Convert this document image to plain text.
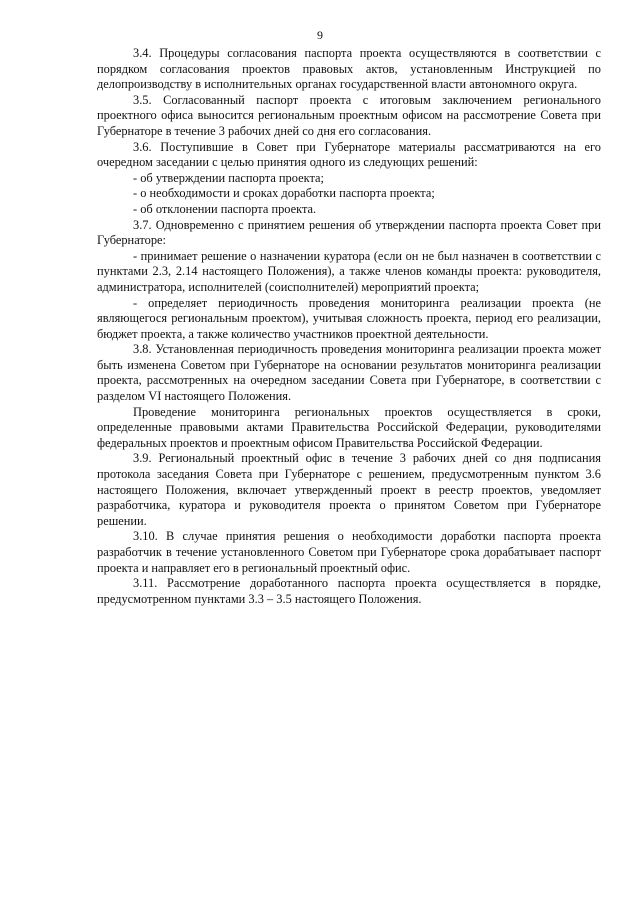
9

3.4. Процедуры согласования паспорта проекта осуществляются в соответствии с порядком согласования проектов правовых актов, установленным Инструкцией по делопроизводству в исполнительных органах государственной власти автономного округа.

3.5. Согласованный паспорт проекта с итоговым заключением регионального проектного офиса выносится региональным проектным офисом на рассмотрение Совета при Губернаторе в течение 3 рабочих дней со дня его согласования.

3.6. Поступившие в Совет при Губернаторе материалы рассматриваются на его очередном заседании с целью принятия одного из следующих решений:

- об утверждении паспорта проекта;

- о необходимости и сроках доработки паспорта проекта;

- об отклонении паспорта проекта.

3.7. Одновременно с принятием решения об утверждении паспорта проекта Совет при Губернаторе:

- принимает решение о назначении куратора (если он не был назначен в соответствии с пунктами 2.3, 2.14 настоящего Положения), а также членов команды проекта: руководителя, администратора, исполнителей (соисполнителей) мероприятий проекта;

- определяет периодичность проведения мониторинга реализации проекта (не являющегося региональным проектом), учитывая сложность проекта, период его реализации, бюджет проекта, а также количество участников проектной деятельности.

3.8. Установленная периодичность проведения мониторинга реализации проекта может быть изменена Советом при Губернаторе на основании результатов мониторинга реализации проекта, рассмотренных на очередном заседании Совета при Губернаторе, в соответствии с разделом VI настоящего Положения.

Проведение мониторинга региональных проектов осуществляется в сроки, определенные правовыми актами Правительства Российской Федерации, руководителями федеральных проектов и проектным офисом Правительства Российской Федерации.

3.9. Региональный проектный офис в течение 3 рабочих дней со дня подписания протокола заседания Совета при Губернаторе с решением, предусмотренным пунктом 3.6 настоящего Положения, включает утвержденный проект в реестр проектов, уведомляет разработчика, куратора и руководителя проекта о принятом Советом при Губернаторе решении.

3.10. В случае принятия решения о необходимости доработки паспорта проекта разработчик в течение установленного Советом при Губернаторе срока дорабатывает паспорт проекта и направляет его в региональный проектный офис.

3.11. Рассмотрение доработанного паспорта проекта осуществляется в порядке, предусмотренном пунктами 3.3 – 3.5 настоящего Положения.
